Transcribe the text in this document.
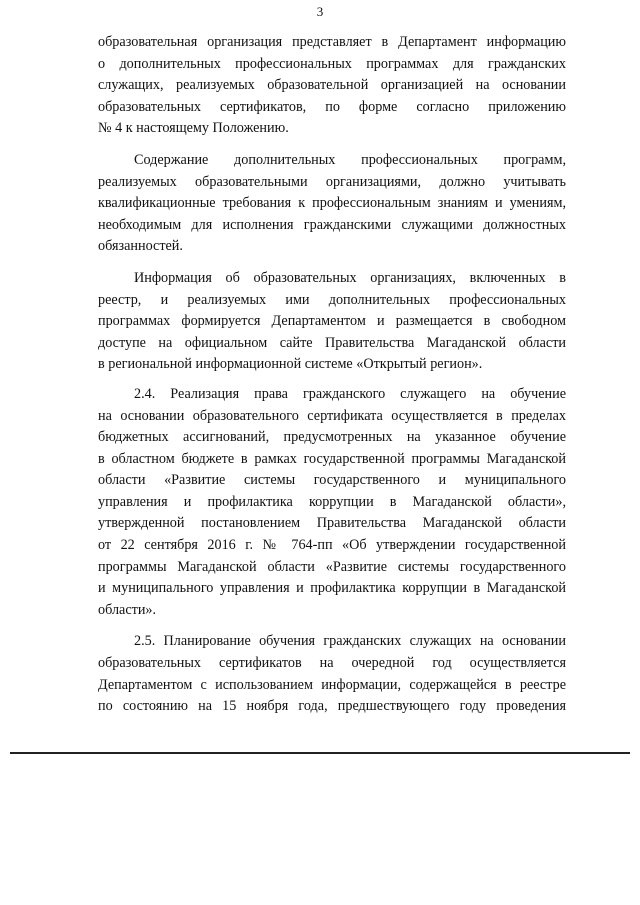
3
образовательная организация представляет в Департамент информацию
о дополнительных профессиональных программах для гражданских
служащих, реализуемых образовательной организацией на основании
образовательных сертификатов, по форме согласно приложению
№ 4 к настоящему Положению.
Содержание дополнительных профессиональных программ,
реализуемых образовательными организациями, должно учитывать
квалификационные требования к профессиональным знаниям и умениям,
необходимым для исполнения гражданскими служащими должностных
обязанностей.
Информация об образовательных организациях, включенных в
реестр, и реализуемых ими дополнительных профессиональных
программах формируется Департаментом и размещается в свободном
доступе на официальном сайте Правительства Магаданской области
в региональной информационной системе «Открытый регион».
2.4. Реализация права гражданского служащего на обучение
на основании образовательного сертификата осуществляется в пределах
бюджетных ассигнований, предусмотренных на указанное обучение
в областном бюджете в рамках государственной программы Магаданской
области «Развитие системы государственного и муниципального
управления и профилактика коррупции в Магаданской области»,
утвержденной постановлением Правительства Магаданской области
от 22 сентября 2016 г. № 764-пп «Об утверждении государственной
программы Магаданской области «Развитие системы государственного
и муниципального управления и профилактика коррупции в Магаданской
области».
2.5. Планирование обучения гражданских служащих на основании
образовательных сертификатов на очередной год осуществляется
Департаментом с использованием информации, содержащейся в реестре
по состоянию на 15 ноября года, предшествующего году проведения
